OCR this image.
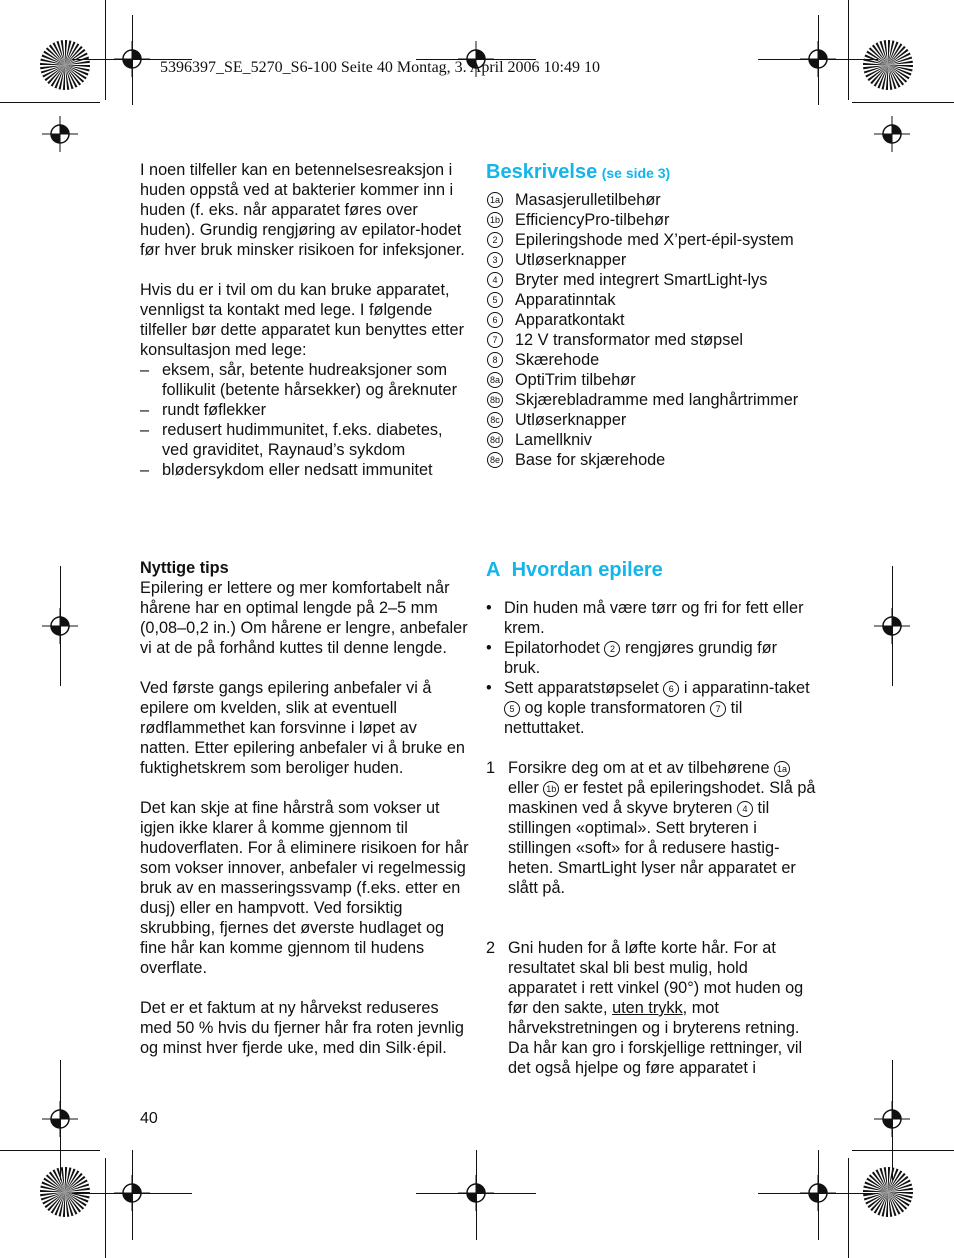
5396397_SE_5270_S6-100 Seite 40 Montag, 3. April 2006 10:49 10

I noen tilfeller kan en betennelsesreaksjon i huden oppstå ved at bakterier kommer inn i huden (f. eks. når apparatet føres over huden). Grundig rengjøring av epilator-hodet før hver bruk minsker risikoen for infeksjoner.

Hvis du er i tvil om du kan bruke apparatet, vennligst ta kontakt med lege. I følgende tilfeller bør dette apparatet kun benyttes etter konsultasjon med lege:

– eksem, sår, betente hudreaksjoner som follikulit (betente hårsekker) og åreknuter
– rundt føflekker
– redusert hudimmunitet, f.eks. diabetes, ved graviditet, Raynaud’s sykdom
– blødersykdom eller nedsatt immunitet

Nyttige tips

Epilering er lettere og mer komfortabelt når hårene har en optimal lengde på 2–5 mm (0,08–0,2 in.) Om hårene er lengre, anbefaler vi at de på forhånd kuttes til denne lengde.

Ved første gangs epilering anbefaler vi å epilere om kvelden, slik at eventuell rødflammethet kan forsvinne i løpet av natten. Etter epilering anbefaler vi å bruke en fuktighetskrem som beroliger huden.

Det kan skje at fine hårstrå som vokser ut igjen ikke klarer å komme gjennom til hudoverflaten. For å eliminere risikoen for hår som vokser innover, anbefaler vi regelmessig bruk av en masseringssvamp (f.eks. etter en dusj) eller en hampvott. Ved forsiktig skrubbing, fjernes det øverste hudlaget og fine hår kan komme gjennom til hudens overflate.

Det er et faktum at ny hårvekst reduseres med 50 % hvis du fjerner hår fra roten jevnlig og minst hver fjerde uke, med din Silk·épil.

40

Beskrivelse (se side 3)

1a Masasjerulletilbehør
1b EfficiencyPro-tilbehør
2	Epileringshode med X’pert-épil-system
3	Utløserknapper
4	Bryter med integrert SmartLight-lys
5	Apparatinntak
6	Apparatkontakt
7	12 V transformator med støpsel
8	Skærehode
8a OptiTrim tilbehør
8b Skjærebladramme med langhårtrimmer
8c Utløserknapper
8d Lamellkniv
8e Base for skjærehode

A Hvordan epilere

• Din huden må være tørr og fri for fett eller krem.
• Epilatorhodet 2 rengjøres grundig før bruk.
• Sett apparatstøpselet 6 i apparatinn-taket 5 og kople transformatoren 7 til nettuttaket.
1 Forsikre deg om at et av tilbehørene 1a eller 1b er festet på epileringshodet. Slå på maskinen ved å skyve bryteren 4 til stillingen «optimal». Sett bryteren i stillingen «soft» for å redusere hastig-heten. SmartLight lyser når apparatet er slått på.
2 Gni huden for å løfte korte hår. For at resultatet skal bli best mulig, hold apparatet i rett vinkel (90°) mot huden og før den sakte, uten trykk, mot hårvekstretningen og i bryterens retning.
Da hår kan gro i forskjellige rettninger, vil det også hjelpe og føre apparatet i
